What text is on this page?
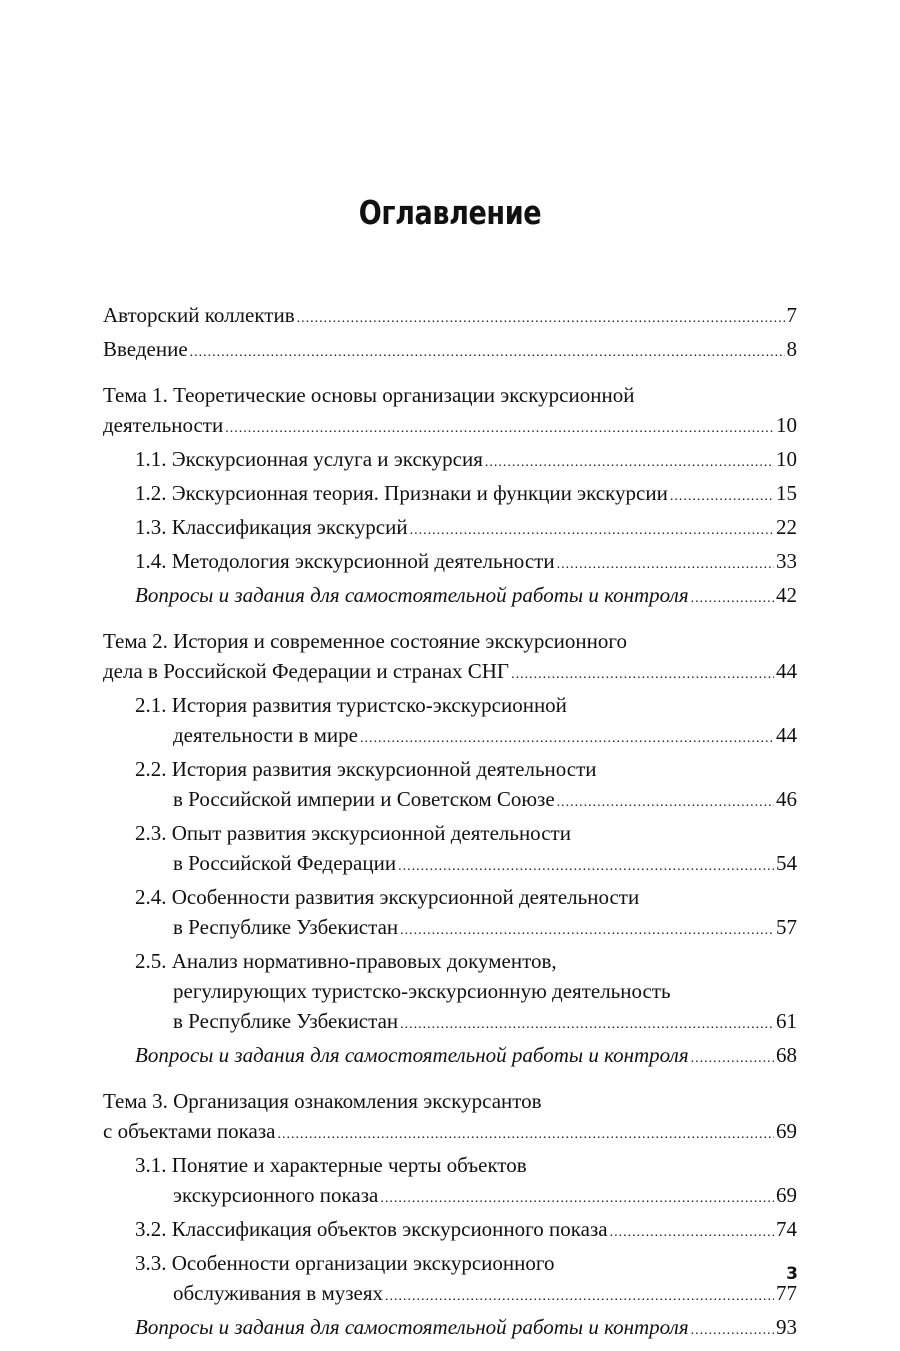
Оглавление
Авторский коллектив .....	7
Введение .....	8
Тема 1. Теоретические основы организации экскурсионной
деятельности .....	10
1.1. Экскурсионная услуга и экскурсия .....	10
1.2. Экскурсионная теория. Признаки и функции экскурсии .....	15
1.3. Классификация экскурсий .....	22
1.4. Методология экскурсионной деятельности .....	33
Вопросы и задания для самостоятельной работы и контроля .....	42
Тема 2. История и современное состояние экскурсионного
дела в Российской Федерации и странах СНГ .....	44
2.1. История развития туристско-экскурсионной
деятельности в мире .....	44
2.2. История развития экскурсионной деятельности
в Российской империи и Советском Союзе .....	46
2.3. Опыт развития экскурсионной деятельности
в Российской Федерации .....	54
2.4. Особенности развития экскурсионной деятельности
в Республике Узбекистан .....	57
2.5. Анализ нормативно-правовых документов,
регулирующих туристско-экскурсионную деятельность
в Республике Узбекистан .....	61
Вопросы и задания для самостоятельной работы и контроля .....	68
Тема 3. Организация ознакомления экскурсантов
с объектами показа .....	69
3.1. Понятие и характерные черты объектов
экскурсионного показа .....	69
3.2. Классификация объектов экскурсионного показа .....	74
3.3. Особенности организации экскурсионного
обслуживания в музеях .....	77
Вопросы и задания для самостоятельной работы и контроля .....	93
3
